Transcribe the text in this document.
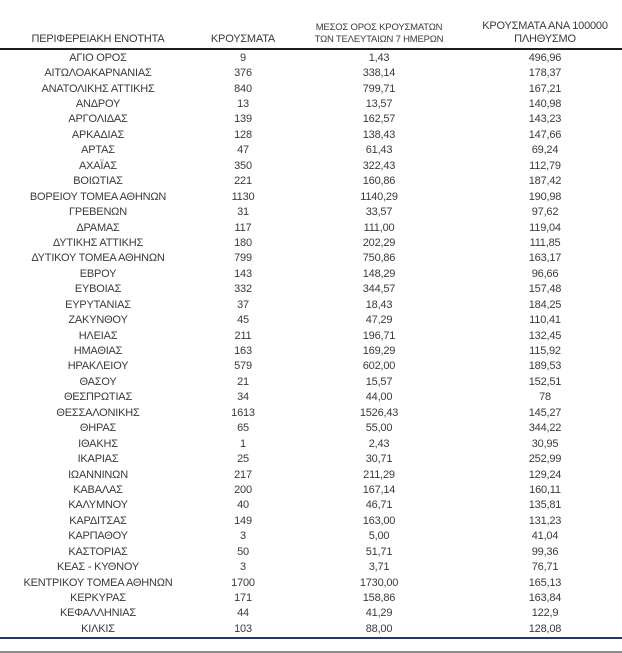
ΠΕΡΙΦΕΡΕΙΑΚΗ ΕΝΟΤΗΤΑ	ΚΡΟΥΣΜΑΤΑ	ΜΕΣΟΣ ΟΡΟΣ ΚΡΟΥΣΜΑΤΩΝ
ΤΩΝ ΤΕΛΕΥΤΑΙΩΝ 7 ΗΜΕΡΩΝ	ΚΡΟΥΣΜΑΤΑ ΑΝΑ 100000
ΠΛΗΘΥΣΜΟ
ΑΓΙΟ ΟΡΟΣ	9	1,43	496,96
ΑΙΤΩΛΟΑΚΑΡΝΑΝΙΑΣ	376	338,14	178,37
ΑΝΑΤΟΛΙΚΗΣ ΑΤΤΙΚΗΣ	840	799,71	167,21
ΑΝΔΡΟΥ	13	13,57	140,98
ΑΡΓΟΛΙΔΑΣ	139	162,57	143,23
ΑΡΚΑΔΙΑΣ	128	138,43	147,66
ΑΡΤΑΣ	47	61,43	69,24
ΑΧΑΪΑΣ	350	322,43	112,79
ΒΟΙΩΤΙΑΣ	221	160,86	187,42
ΒΟΡΕΙΟΥ ΤΟΜΕΑ ΑΘΗΝΩΝ	1130	1140,29	190,98
ΓΡΕΒΕΝΩΝ	31	33,57	97,62
ΔΡΑΜΑΣ	117	111,00	119,04
ΔΥΤΙΚΗΣ ΑΤΤΙΚΗΣ	180	202,29	111,85
ΔΥΤΙΚΟΥ ΤΟΜΕΑ ΑΘΗΝΩΝ	799	750,86	163,17
ΕΒΡΟΥ	143	148,29	96,66
ΕΥΒΟΙΑΣ	332	344,57	157,48
ΕΥΡΥΤΑΝΙΑΣ	37	18,43	184,25
ΖΑΚΥΝΘΟΥ	45	47,29	110,41
ΗΛΕΙΑΣ	211	196,71	132,45
ΗΜΑΘΙΑΣ	163	169,29	115,92
ΗΡΑΚΛΕΙΟΥ	579	602,00	189,53
ΘΑΣΟΥ	21	15,57	152,51
ΘΕΣΠΡΩΤΙΑΣ	34	44,00	78
ΘΕΣΣΑΛΟΝΙΚΗΣ	1613	1526,43	145,27
ΘΗΡΑΣ	65	55,00	344,22
ΙΘΑΚΗΣ	1	2,43	30,95
ΙΚΑΡΙΑΣ	25	30,71	252,99
ΙΩΑΝΝΙΝΩΝ	217	211,29	129,24
ΚΑΒΑΛΑΣ	200	167,14	160,11
ΚΑΛΥΜΝΟΥ	40	46,71	135,81
ΚΑΡΔΙΤΣΑΣ	149	163,00	131,23
ΚΑΡΠΑΘΟΥ	3	5,00	41,04
ΚΑΣΤΟΡΙΑΣ	50	51,71	99,36
ΚΕΑΣ - ΚΥΘΝΟΥ	3	3,71	76,71
ΚΕΝΤΡΙΚΟΥ ΤΟΜΕΑ ΑΘΗΝΩΝ	1700	1730,00	165,13
ΚΕΡΚΥΡΑΣ	171	158,86	163,84
ΚΕΦΑΛΛΗΝΙΑΣ	44	41,29	122,9
ΚΙΛΚΙΣ	103	88,00	128,08
